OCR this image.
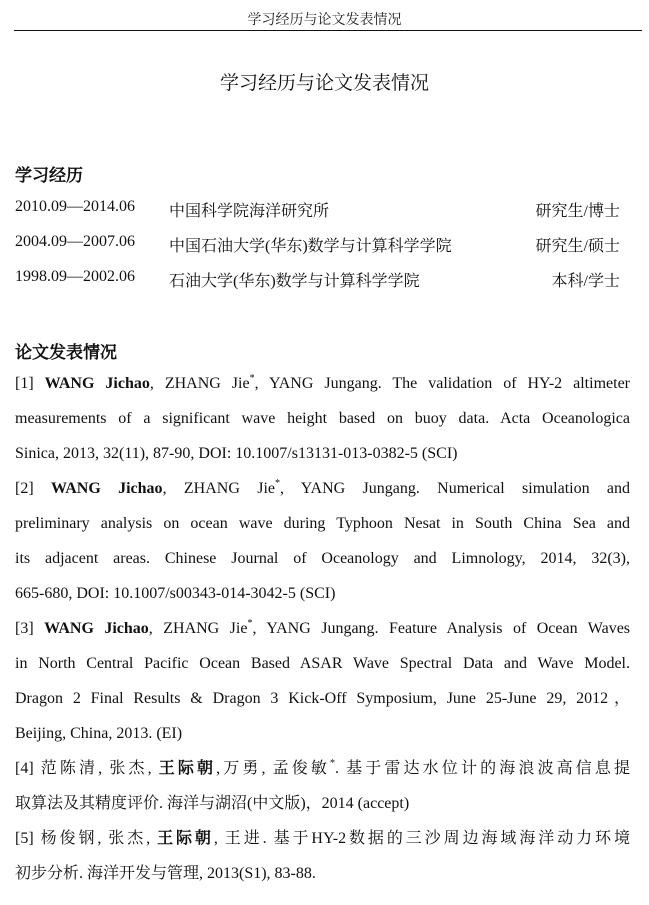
学习经历与论文发表情况
学习经历与论文发表情况
学习经历
2010.09—2014.06 中国科学院海洋研究所	研究生/博士
2004.09—2007.06 中国石油大学(华东)数学与计算科学学院	研究生/硕士
1998.09—2002.06 石油大学(华东)数学与计算科学学院	本科/学士
论文发表情况
[1] WANG Jichao, ZHANG Jie*, YANG Jungang. The validation of HY-2 altimeter
measurements of a significant wave height based on buoy data. Acta Oceanologica
Sinica, 2013, 32(11), 87-90, DOI: 10.1007/s13131-013-0382-5 (SCI)
[2] WANG Jichao, ZHANG Jie*, YANG Jungang. Numerical simulation and
preliminary analysis on ocean wave during Typhoon Nesat in South China Sea and
its adjacent areas. Chinese Journal of Oceanology and Limnology, 2014, 32(3),
665-680, DOI: 10.1007/s00343-014-3042-5 (SCI)
[3] WANG Jichao, ZHANG Jie*, YANG Jungang. Feature Analysis of Ocean Waves
in North Central Pacific Ocean Based ASAR Wave Spectral Data and Wave Model.
Dragon 2 Final Results & Dragon 3 Kick-Off Symposium, June 25-June 29, 2012，
Beijing, China, 2013. (EI)
[4] 范陈清, 张杰, 王际朝,万勇, 孟俊敏*. 基于雷达水位计的海浪波高信息提
取算法及其精度评价. 海洋与湖沼(中文版)，2014 (accept)
[5] 杨俊钢, 张杰, 王际朝, 王进. 基于HY-2数据的三沙周边海域海洋动力环境
初步分析. 海洋开发与管理, 2013(S1), 83-88.
